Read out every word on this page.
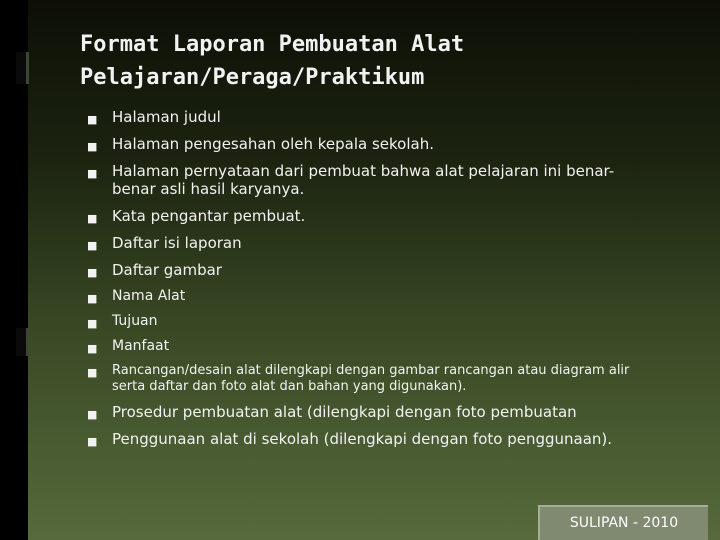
Format Laporan Pembuatan Alat
Pelajaran/Peraga/Praktikum
■ Halaman judul
■ Halaman pengesahan oleh kepala sekolah.
■ Halaman pernyataan dari pembuat bahwa alat pelajaran ini benar-benar asli hasil karyanya.
■ Kata pengantar pembuat.
■ Daftar isi laporan
■ Daftar gambar
■ Nama Alat
■ Tujuan
■ Manfaat
■ Rancangan/desain alat dilengkapi dengan gambar rancangan atau diagram alir serta daftar dan foto alat dan bahan yang digunakan).
■ Prosedur pembuatan alat (dilengkapi dengan foto pembuatan
■ Penggunaan alat di sekolah (dilengkapi dengan foto penggunaan).
SULIPAN - 2010
